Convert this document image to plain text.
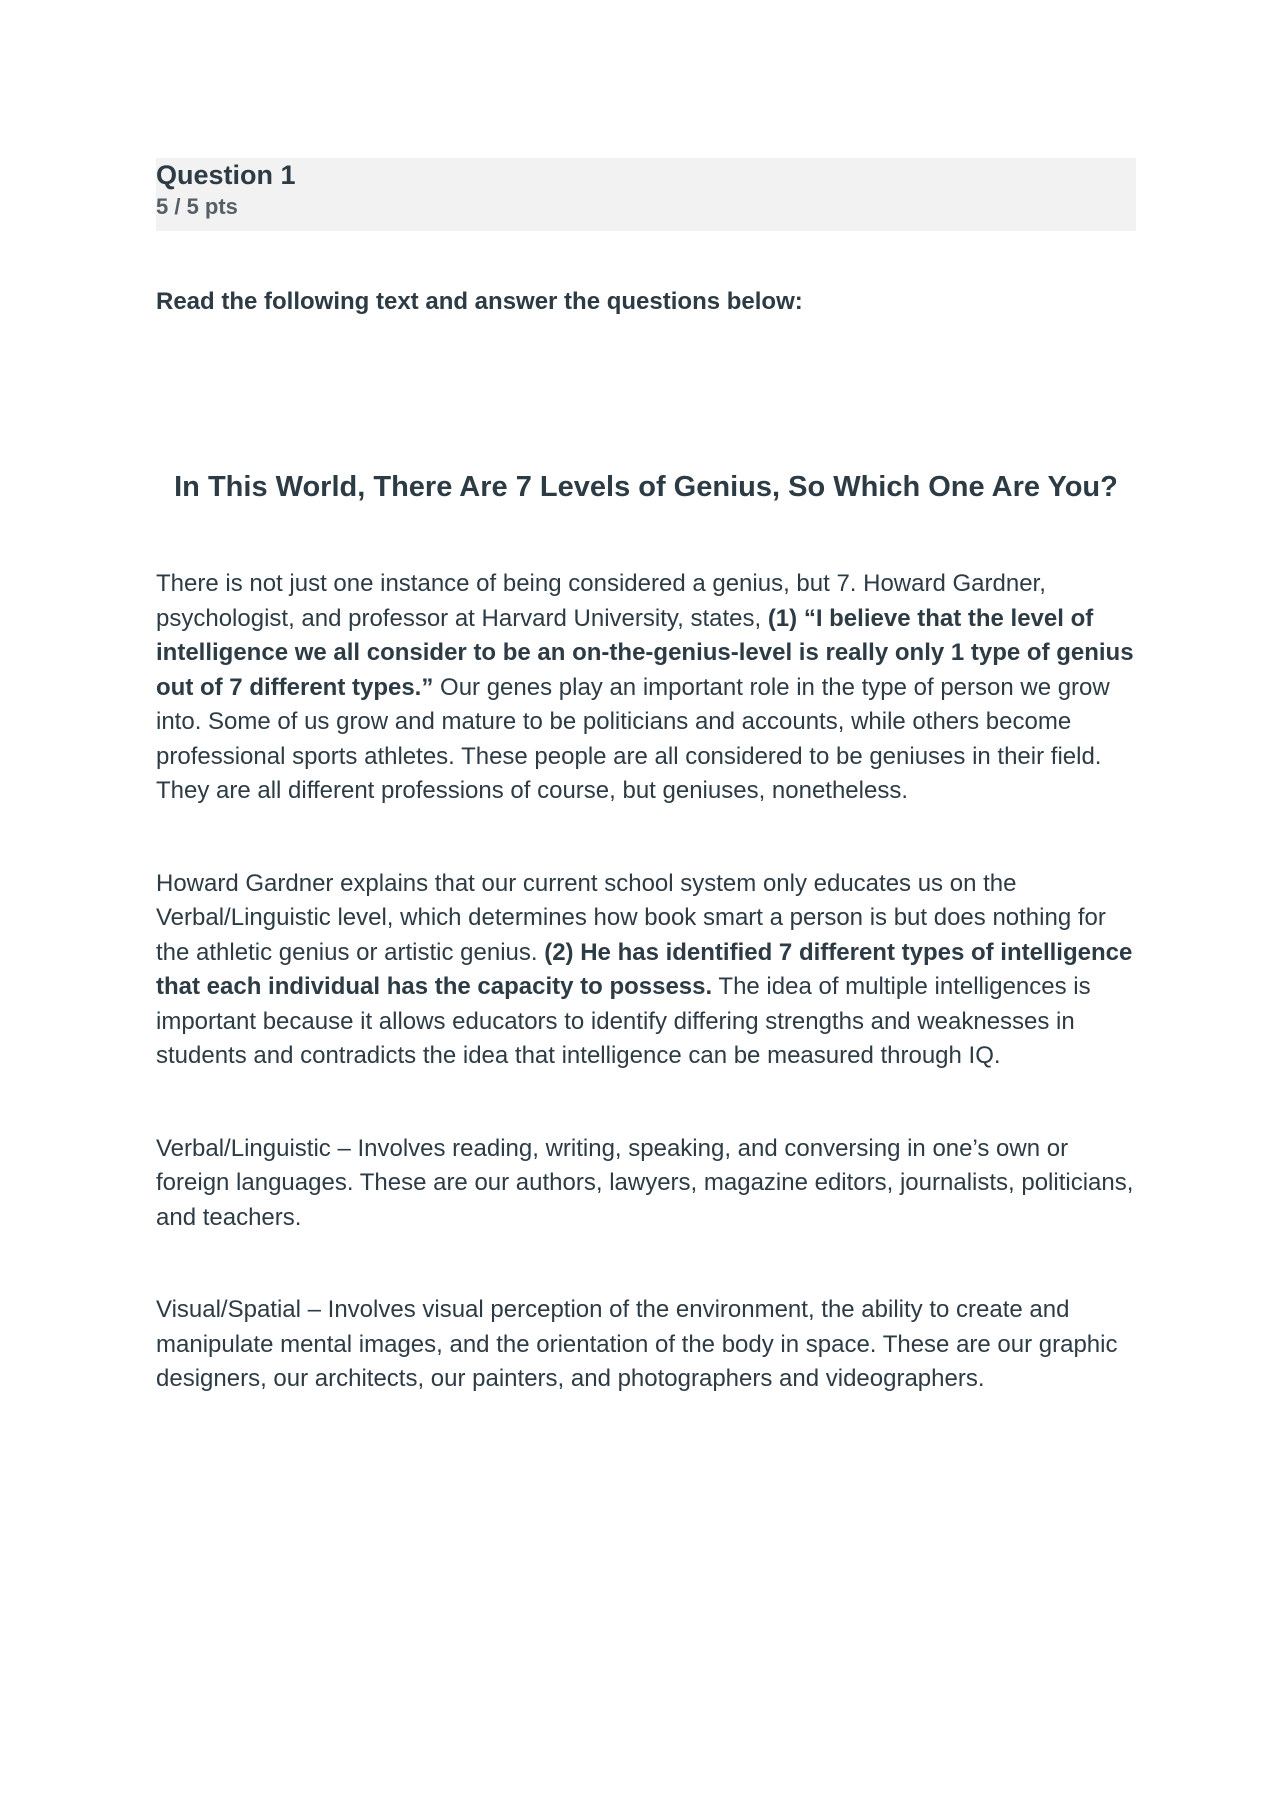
Question 1
5 / 5 pts
Read the following text and answer the questions below:
In This World, There Are 7 Levels of Genius, So Which One Are You?

There is not just one instance of being considered a genius, but 7. Howard Gardner, psychologist, and professor at Harvard University, states, (1) “I believe that the level of intelligence we all consider to be an on-the-genius-level is really only 1 type of genius out of 7 different types.” Our genes play an important role in the type of person we grow into. Some of us grow and mature to be politicians and accounts, while others become professional sports athletes. These people are all considered to be geniuses in their field. They are all different professions of course, but geniuses, nonetheless.

Howard Gardner explains that our current school system only educates us on the Verbal/Linguistic level, which determines how book smart a person is but does nothing for the athletic genius or artistic genius. (2) He has identified 7 different types of intelligence that each individual has the capacity to possess. The idea of multiple intelligences is important because it allows educators to identify differing strengths and weaknesses in students and contradicts the idea that intelligence can be measured through IQ.

Verbal/Linguistic – Involves reading, writing, speaking, and conversing in one’s own or foreign languages. These are our authors, lawyers, magazine editors, journalists, politicians, and teachers.

Visual/Spatial – Involves visual perception of the environment, the ability to create and manipulate mental images, and the orientation of the body in space. These are our graphic designers, our architects, our painters, and photographers and videographers.
